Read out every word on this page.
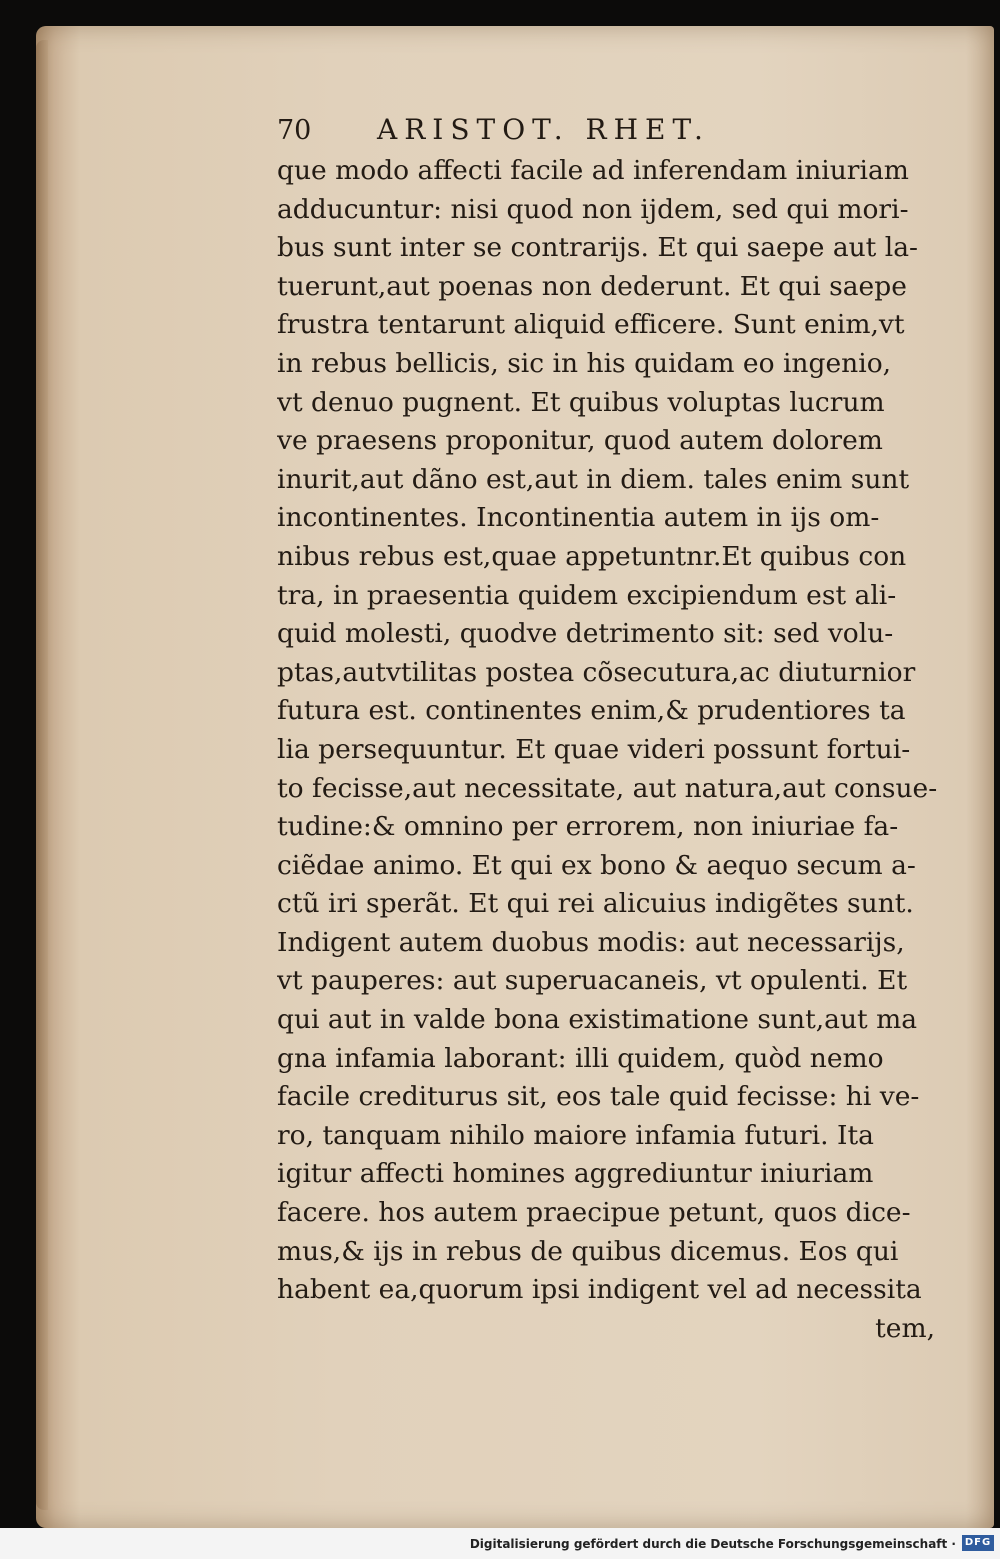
70 ARISTOT. RHET.
que modo affecti facile ad inferendam iniuriam
adducuntur: nisi quod non ijdem, sed qui mori-
bus sunt inter se contrarijs. Et qui saepe aut la-
tuerunt,aut poenas non dederunt. Et qui saepe
frustra tentarunt aliquid efficere. Sunt enim,vt
in rebus bellicis, sic in his quidam eo ingenio,
vt denuo pugnent. Et quibus voluptas lucrum
ve praesens proponitur, quod autem dolorem
inurit,aut dãno est,aut in diem. tales enim sunt
incontinentes. Incontinentia autem in ijs om-
nibus rebus est,quae appetuntnr.Et quibus con
tra, in praesentia quidem excipiendum est ali-
quid molesti, quodve detrimento sit: sed volu-
ptas,autvtilitas postea cõsecutura,ac diuturnior
futura est. continentes enim,& prudentiores ta
lia persequuntur. Et quae videri possunt fortui-
to fecisse,aut necessitate, aut natura,aut consue-
tudine:& omnino per errorem, non iniuriae fa-
ciẽdae animo. Et qui ex bono & aequo secum a-
ctũ iri sperãt. Et qui rei alicuius indigẽtes sunt.
Indigent autem duobus modis: aut necessarijs,
vt pauperes: aut superuacaneis, vt opulenti. Et
qui aut in valde bona existimatione sunt,aut ma
gna infamia laborant: illi quidem, quòd nemo
facile crediturus sit, eos tale quid fecisse: hi ve-
ro, tanquam nihilo maiore infamia futuri. Ita
igitur affecti homines aggrediuntur iniuriam
facere. hos autem praecipue petunt, quos dice-
mus,& ijs in rebus de quibus dicemus. Eos qui
habent ea,quorum ipsi indigent vel ad necessita
tem,
Digitalisierung gefördert durch die Deutsche Forschungsgemeinschaft · DFG
